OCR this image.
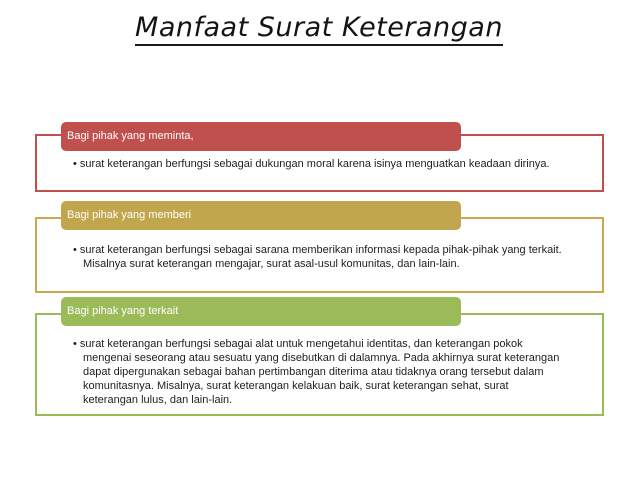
Manfaat Surat Keterangan
• surat keterangan berfungsi sebagai dukungan moral karena isinya menguatkan keadaan dirinya.
Bagi pihak yang meminta,
• surat keterangan berfungsi sebagai sarana memberikan informasi kepada pihak-pihak yang terkait. Misalnya surat keterangan mengajar, surat asal-usul komunitas, dan lain-lain.
Bagi pihak yang memberi
• surat keterangan berfungsi sebagai alat untuk mengetahui identitas, dan keterangan pokok mengenai seseorang atau sesuatu yang disebutkan di dalamnya. Pada akhirnya surat keterangan dapat dipergunakan sebagai bahan pertimbangan diterima atau tidaknya orang tersebut dalam komunitasnya. Misalnya, surat keterangan kelakuan baik, surat keterangan sehat, surat keterangan lulus, dan lain-lain.
Bagi pihak yang terkait
